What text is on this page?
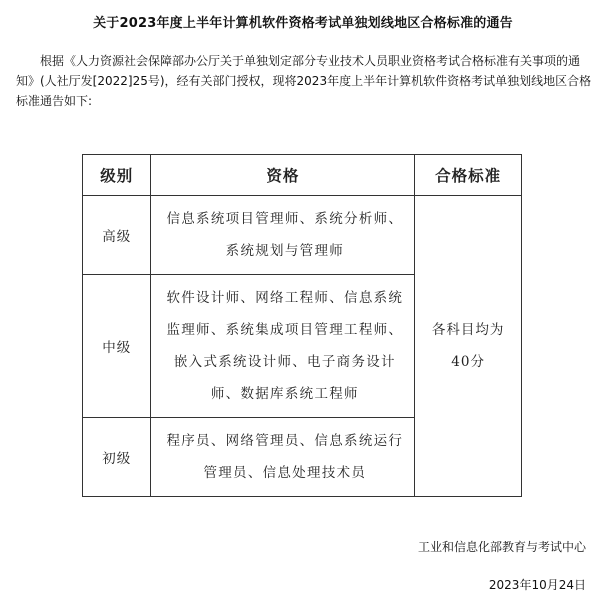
关于2023年度上半年计算机软件资格考试单独划线地区合格标准的通告
根据《人力资源社会保障部办公厅关于单独划定部分专业技术人员职业资格考试合格标准有关事项的通知》(人社厅发[2022]25号)，经有关部门授权，现将2023年度上半年计算机软件资格考试单独划线地区合格标准通告如下:
级别	资格	合格标准
高级	信息系统项目管理师、系统分析师、系统规划与管理师	各科目均为
40分
中级	软件设计师、网络工程师、信息系统监理师、系统集成项目管理工程师、嵌入式系统设计师、电子商务设计师、数据库系统工程师	
初级	程序员、网络管理员、信息系统运行管理员、信息处理技术员	
工业和信息化部教育与考试中心
2023年10月24日
